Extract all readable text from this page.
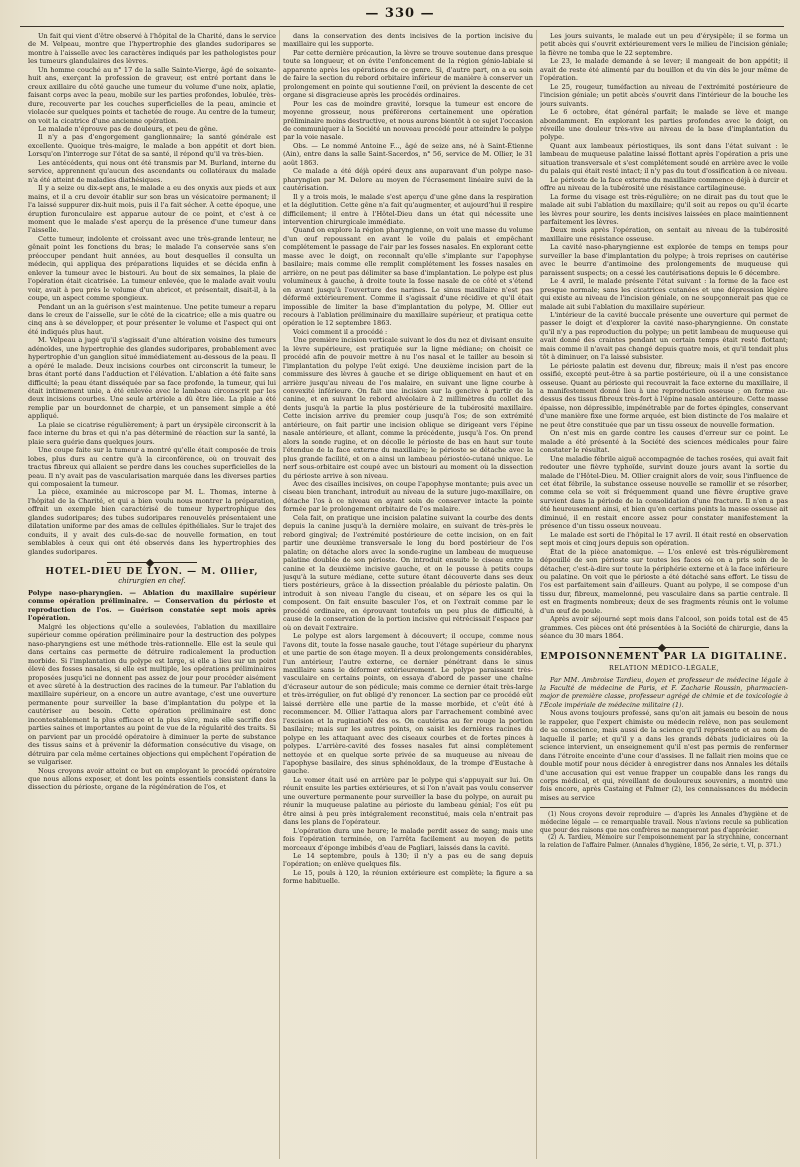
— 330 —

Un fait qui vient d'être observé à l'hôpital de la Charité, dans le service de M. Velpeau, montre que l'hypertrophie des glandes sudoripares se montre à l'aisselle avec les caractères indiqués par les pathologistes pour les tumeurs glandulaires des lèvres.

Un homme couché au n° 17 de la salle Sainte-Vierge, âgé de soixante-huit ans, exerçant la profession de graveur, est entré portant dans le creux axillaire du côté gauche une tumeur du volume d'une noix, aplatie, faisant corps avec la peau, mobile sur les parties profondes, lobulée, très-dure, recouverte par les couches superficielles de la peau, amincie et violacée sur quelques points et tachetée de rouge. Au centre de la tumeur, on voit la cicatrice d'une ancienne opération.

Le malade n'éprouve pas de douleurs, et peu de gêne.

Il n'y a pas d'engorgement ganglionnaire; la santé générale est excellente. Quoique très-maigre, le malade a bon appétit et dort bien. Lorsqu'on l'interroge sur l'état de sa santé, il répond qu'il va très-bien.

Les antécédents, qui nous ont été transmis par M. Burland, interne du service, apprennent qu'aucun des ascendants ou collatéraux du malade n'a été atteint de maladies diathésiques.

Il y a seize ou dix-sept ans, le malade a eu des onyxis aux pieds et aux mains, et il a cru devoir établir sur son bras un vésicatoire permanent; il l'a laissé suppurer dix-huit mois, puis il l'a fait sécher. À cette époque, une éruption furonculaire est apparue autour de ce point, et c'est à ce moment que le malade s'est aperçu de la présence d'une tumeur dans l'aisselle.

Cette tumeur, indolente et croissant avec une très-grande lenteur, ne gênait point les fonctions du bras; le malade l'a conservée sans s'en préoccuper pendant huit années, au bout desquelles il consulta un médecin, qui appliqua des préparations liquides et se décida enfin à enlever la tumeur avec le bistouri. Au bout de six semaines, la plaie de l'opération était cicatrisée. La tumeur enlevée, que le malade avait voulu voir, avait à peu près le volume d'un abricot, et présentait, disait-il, à la coupe, un aspect comme spongieux.

Pendant un an la guérison s'est maintenue. Une petite tumeur a reparu dans le creux de l'aisselle, sur le côté de la cicatrice; elle a mis quatre ou cinq ans à se développer, et pour présenter le volume et l'aspect qui ont été indiqués plus haut.

M. Velpeau a jugé qu'il s'agissait d'une altération voisine des tumeurs adénoïdes, une hypertrophie des glandes sudoripares, probablement avec hypertrophie d'un ganglion situé immédiatement au-dessous de la peau. Il a opéré le malade. Deux incisions courbes ont circonscrit la tumeur, le bras étant porté dans l'adduction et l'élévation. L'ablation a été faite sans difficulté; la peau étant disséquée par sa face profonde, la tumeur, qui lui était intimement unie, a été enlevée avec le lambeau circonscrit par les deux incisions courbes. Une seule artériole a dû être liée. La plaie a été remplie par un bourdonnet de charpie, et un pansement simple a été appliqué.

La plaie se cicatrise régulièrement; à part un érysipèle circonscrit à la face interne du bras et qui n'a pas déterminé de réaction sur la santé, la plaie sera guérie dans quelques jours.

Une coupe faite sur la tumeur a montré qu'elle était composée de trois lobes, plus durs au centre qu'à la circonférence, où on trouvait des tractus fibreux qui allaient se perdre dans les couches superficielles de la peau. Il n'y avait pas de vascularisation marquée dans les diverses parties qui composaient la tumeur.

La pièce, examinée au microscope par M. L. Thomas, interne à l'hôpital de la Charité, et qui a bien voulu nous montrer la préparation, offrait un exemple bien caractérisé de tumeur hypertrophique des glandes sudoripares; des tubes sudoripares renouvelés présentaient une dilatation uniforme par des amas de cellules épithéliales. Sur le trajet des conduits, il y avait des culs-de-sac de nouvelle formation, en tout semblables à ceux qui ont été observés dans les hypertrophies des glandes sudoripares.

HOTEL-DIEU DE LYON. — M. Ollier,
chirurgien en chef.

Polype naso-pharyngien. — Ablation du maxillaire supérieur comme opération préliminaire. — Conservation du périoste et reproduction de l'os. — Guérison constatée sept mois après l'opération.

Malgré les objections qu'elle a soulevées, l'ablation du maxillaire supérieur comme opération préliminaire pour la destruction des polypes naso-pharyngiens est une méthode très-rationnelle. Elle est la seule qui dans certains cas permette de détruire radicalement la production morbide. Si l'implantation du polype est large, si elle a lieu sur un point élevé des fosses nasales, si elle est multiple, les opérations préliminaires proposées jusqu'ici ne donnent pas assez de jour pour procéder aisément et avec sûreté à la destruction des racines de la tumeur. Par l'ablation du maxillaire supérieur, on a encore un autre avantage, c'est une ouverture permanente pour surveiller la base d'implantation du polype et la cautériser au besoin. Cette opération préliminaire est donc incontestablement la plus efficace et la plus sûre, mais elle sacrifie des parties saines et importantes au point de vue de la régularité des traits. Si on parvient par un procédé opératoire à diminuer la perte de substance des tissus sains et à prévenir la déformation consécutive du visage, on détruira par cela même certaines objections qui empêchent l'opération de se vulgariser.

Nous croyons avoir atteint ce but en employant le procédé opératoire que nous allons exposer, et dont les points essentiels consistent dans la dissection du périoste, organe de la régénération de l'os, et

dans la conservation des dents incisives de la portion incisive du maxillaire qui les supporte.

Par cette dernière précaution, la lèvre se trouve soutenue dans presque toute sa longueur, et on évite l'enfoncement de la région génio-labiale si apparente après les opérations de ce genre. Si, d'autre part, on a eu soin de faire la section du rebord orbitaire inférieur de manière à conserver un prolongement en pointe qui soutienne l'œil, on prévient la descente de cet organe si disgracieuse après les procédés ordinaires.

Pour les cas de moindre gravité, lorsque la tumeur est encore de moyenne grosseur, nous préférerons certainement une opération préliminaire moins destructive, et nous aurons bientôt à ce sujet l'occasion de communiquer à la Société un nouveau procédé pour atteindre le polype par la voie nasale.

Obs. — Le nommé Antoine F..., âgé de seize ans, né à Saint-Étienne (Ain), entre dans la salle Saint-Sacerdos, n° 56, service de M. Ollier, le 31 août 1863.

Ce malade a été déjà opéré deux ans auparavant d'un polype naso-pharyngien par M. Delore au moyen de l'écrasement linéaire suivi de la cautérisation.

Il y a trois mois, le malade s'est aperçu d'une gêne dans la respiration et la déglutition. Cette gêne n'a fait qu'augmenter, et aujourd'hui il respire difficilement; il entre à l'Hôtel-Dieu dans un état qui nécessite une intervention chirurgicale immédiate.

Quand on explore la région pharyngienne, on voit une masse du volume d'un œuf repoussant en avant le voile du palais et empêchant complétement le passage de l'air par les fosses nasales. En explorant cette masse avec le doigt, on reconnaît qu'elle s'implante sur l'apophyse basilaire; mais comme elle remplit complétement les fosses nasales en arrière, on ne peut pas délimiter sa base d'implantation. Le polype est plus volumineux à gauche, à droite toute la fosse nasale de ce côté et s'étend en avant jusqu'à l'ouverture des narines. Le sinus maxillaire n'est pas déformé extérieurement. Comme il s'agissait d'une récidive et qu'il était impossible de limiter la base d'implantation du polype, M. Ollier eut recours à l'ablation préliminaire du maxillaire supérieur, et pratiqua cette opération le 12 septembre 1863.

Voici comment il a procédé :

Une première incision verticale suivant le dos du nez et divisant ensuite la lèvre supérieure, est pratiquée sur la ligne médiane; on choisit ce procédé afin de pouvoir mettre à nu l'os nasal et le tailler au besoin si l'implantation du polype l'eût exigé. Une deuxième incision part de la commissure des lèvres à gauche et se dirige obliquement en haut et en arrière jusqu'au niveau de l'os malaire, en suivant une ligne courbe à convexité inférieure. On fait une incision sur la gencive à partir de la canine, et en suivant le rebord alvéolaire à 2 millimètres du collet des dents jusqu'à la partie la plus postérieure de la tubérosité maxillaire. Cette incision arrive du premier coup jusqu'à l'os; de son extrémité antérieure, on fait partir une incision oblique se dirigeant vers l'épine nasale antérieure, et allant, comme la précédente, jusqu'à l'os. On prend alors la sonde rugine, et on décolle le périoste de bas en haut sur toute l'étendue de la face externe du maxillaire; le périoste se détache avec la plus grande facilité, et on a ainsi un lambeau périostéo-cutané unique. Le nerf sous-orbitaire est coupé avec un bistouri au moment où la dissection du périoste arrive à son niveau.

Avec des cisailles incisives, on coupe l'apophyse montante; puis avec un ciseau bien tranchant, introduit au niveau de la suture jugo-maxillaire, on détache l'os à ce niveau en ayant soin de conserver intacte la pointe formée par le prolongement orbitaire de l'os malaire.

Cela fait, on pratique une incision palatine suivant la courbe des dents depuis la canine jusqu'à la dernière molaire, en suivant de très-près le rebord gingival; de l'extrémité postérieure de cette incision, on en fait partir une deuxième transversale le long du bord postérieur de l'os palatin; on détache alors avec la sonde-rugine un lambeau de muqueuse palatine doublée de son périoste. On introduit ensuite le ciseau entre la canine et la deuxième incisive gauche, et on le pousse à petits coups jusqu'à la suture médiane, cette suture étant découverte dans ses deux tiers postérieurs, grâce à la dissection préalable du périoste palatin. On introduit à son niveau l'angle du ciseau, et on sépare les os qui la composent. On fait ensuite basculer l'os, et on l'extrait comme par le procédé ordinaire, en éprouvant toutefois un peu plus de difficulté, à cause de la conservation de la portion incisive qui rétrécissait l'espace par où on devait l'extraire.

Le polype est alors largement à découvert; il occupe, comme nous l'avons dit, toute la fosse nasale gauche, tout l'étage supérieur du pharynx et une partie de son étage moyen. Il a deux prolongements considérables, l'un antérieur, l'autre externe, ce dernier pénétrant dans le sinus maxillaire sans le déformer extérieurement. Le polype paraissant très-vasculaire en certains points, on essaya d'abord de passer une chaîne d'écraseur autour de son pédicule; mais comme ce dernier était très-large et très-irrégulier, on fut obligé d'y renoncer. La section par ce procédé eût laissé derrière elle une partie de la masse morbide, et c'eût été à recommencer. M. Ollier l'attaqua alors par l'arrachement combiné avec l'excision et la ruginatioN des os. On cautérisa au fer rouge la portion basilaire; mais sur les autres points, on saisit les dernières racines du polype en les attaquant avec des ciseaux courbes et de fortes pinces à polypes. L'arrière-cavité des fosses nasales fut ainsi complétement nettoyée et en quelque sorte privée de sa muqueuse au niveau de l'apophyse basilaire, des sinus sphénoïdaux, de la trompe d'Eustache à gauche.

Le vomer était usé en arrière par le polype qui s'appuyait sur lui. On réunit ensuite les parties extérieures, et si l'on n'avait pas voulu conserver une ouverture permanente pour surveiller la base du polype, on aurait pu réunir la muqueuse palatine au périoste du lambeau génial; l'os eût pu être ainsi à peu près intégralement reconstitué, mais cela n'entrait pas dans les plans de l'opérateur.

L'opération dura une heure; le malade perdit assez de sang; mais une fois l'opération terminée, on l'arrêta facilement au moyen de petits morceaux d'éponge imbibés d'eau de Pagliari, laissés dans la cavité.

Le 14 septembre, pouls à 130; il n'y a pas eu de sang depuis l'opération; on enlève quelques fils.

Le 15, pouls à 120, la réunion extérieure est complète; la figure a sa forme habituelle.

Les jours suivants, le malade eut un peu d'érysipèle; il se forma un petit abcès qui s'ouvrit extérieurement vers le milieu de l'incision géniale; la fièvre ne tomba que le 22 septembre.

Le 23, le malade demande à se lever; il mangeait de bon appétit; il avait de reste été alimenté par du bouillon et du vin dès le jour même de l'opération.

Le 25, rougeur, tuméfaction au niveau de l'extrémité postérieure de l'incision géniale; un petit abcès s'ouvrit dans l'intérieur de la bouche les jours suivants.

Le 6 octobre, état général parfait; le malade se lève et mange abondamment. En explorant les parties profondes avec le doigt, on réveille une douleur très-vive au niveau de la base d'implantation du polype.

Quant aux lambeaux périostiques, ils sont dans l'état suivant : le lambeau de muqueuse palatine laissé flottant après l'opération a pris une situation transversale et s'est complétement soudé en arrière avec le voile du palais qui était resté intact; il n'y pas du tout d'ossification à ce niveau.

Le périoste de la face externe du maxillaire commence déjà à durcir et offre au niveau de la tubérosité une résistance cartilagineuse.

La forme du visage est très-régulière; on ne dirait pas du tout que le malade ait subi l'ablation du maxillaire; qu'il soit au repos ou qu'il écarte les lèvres pour sourire, les dents incisives laissées en place maintiennent parfaitement les lèvres.

Deux mois après l'opération, on sentait au niveau de la tubérosité maxillaire une résistance osseuse.

La cavité naso-pharyngienne est explorée de temps en temps pour surveiller la base d'implantation du polype; à trois reprises on cautérise avec le beurre d'antimoine des prolongements de muqueuse qui paraissent suspects; on a cessé les cautérisations depuis le 6 décembre.

Le 4 avril, le malade présente l'état suivant : la forme de la face est presque normale; sans les cicatrices cutanées et une dépression légère qui existe au niveau de l'incision géniale, on ne soupçonnerait pas que ce malade ait subi l'ablation du maxillaire supérieur.

L'intérieur de la cavité buccale présente une ouverture qui permet de passer le doigt et d'explorer la cavité naso-pharyngienne. On constate qu'il n'y a pas reproduction du polype; un petit lambeau de muqueuse qui avait donné des craintes pendant un certain temps était resté flottant; mais comme il n'avait pas changé depuis quatre mois, et qu'il tendait plus tôt à diminuer, on l'a laissé subsister.

Le périoste palatin est devenu dur, fibreux; mais il n'est pas encore ossifié, excepté peut-être à sa partie postérieure, où il a une consistance osseuse. Quant au périoste qui recouvrait la face externe du maxillaire, il a manifestement donné lieu à une reproduction osseuse ; on forme au-dessus des tissus fibreux très-fort à l'épine nasale antérieure. Cette masse épaisse, non dépressible, impénétrable par de fortes épingles, conservant d'une manière fixe une forme arquée, est bien distincte de l'os malaire et ne peut être constituée que par un tissu osseux de nouvelle formation.

On n'est mis en garde contre les causes d'erreur sur ce point. Le malade a été présenté à la Société des sciences médicales pour faire constater le résultat.

Une maladie fébrile aiguë accompagnée de taches rosées, qui avait fait redouter une fièvre typhoïde, survint douze jours avant la sortie du malade de l'Hôtel-Dieu. M. Ollier craignit alors de voir, sous l'influence de cet état fébrile, la substance osseuse nouvelle se ramollir et se résorber, comme cela se voit si fréquemment quand une fièvre éruptive grave survient dans la période de la consolidation d'une fracture. Il n'en a pas été heureusement ainsi, et bien qu'en certains points la masse osseuse ait diminué, il en restait encore assez pour constater manifestement la présence d'un tissu osseux nouveau.

Le malade est sorti de l'hôpital le 17 avril. Il était resté en observation sept mois et cinq jours depuis son opération.

État de la pièce anatomique. — L'os enlevé est très-régulièrement dépouillé de son périoste sur toutes les faces où on a pris soin de le détacher, c'est-à-dire sur toute la périphérie externe et à la face inférieure ou palatine. On voit que le périoste a été détaché sans effort. Le tissu de l'os est parfaitement sain d'ailleurs. Quant au polype, il se compose d'un tissu dur, fibreux, mamelonné, peu vasculaire dans sa partie centrale. Il est en fragments nombreux; deux de ses fragments réunis ont le volume d'un œuf de poule.

Après avoir séjourné sept mois dans l'alcool, son poids total est de 45 grammes. Ces pièces ont été présentées à la Société de chirurgie, dans la séance du 30 mars 1864.

EMPOISONNEMENT PAR LA DIGITALINE.
RELATION MÉDICO-LÉGALE,

Par MM. Ambroise Tardieu, doyen et professeur de médecine légale à la Faculté de médecine de Paris, et F. Zacharie Roussin, pharmacien-major de première classe, professeur agrégé de chimie et de toxicologie à l'École impériale de médecine militaire (1).

Nous avons toujours professé, sans qu'on ait jamais eu besoin de nous le rappeler, que l'expert chimiste ou médecin relève, non pas seulement de sa conscience, mais aussi de la science qu'il représente et au nom de laquelle il parle; et qu'il y a dans les grands débats judiciaires où la science intervient, un enseignement qu'il n'est pas permis de renfermer dans l'étroite enceinte d'une cour d'assises. Il ne fallait rien moins que ce double motif pour nous décider à enregistrer dans nos Annales les détails d'une accusation qui est venue frapper un coupable dans les rangs du corps médical, et qui, réveillant de douloureux souvenirs, a montré une fois encore, après Castaing et Palmer (2), les connaissances du médecin mises au service

(1) Nous croyons devoir reproduire — d'après les Annales d'hygiène et de médecine légale — ce remarquable travail. Nous n'avions recule sa publication que pour des raisons que nos confrères ne manqueront pas d'apprécier.

(2) A. Tardieu, Mémoire sur l'empoisonnement par la strychnine, concernant la relation de l'affaire Palmer. (Annales d'hygiène, 1856, 2e série, t. VI, p. 371.)
